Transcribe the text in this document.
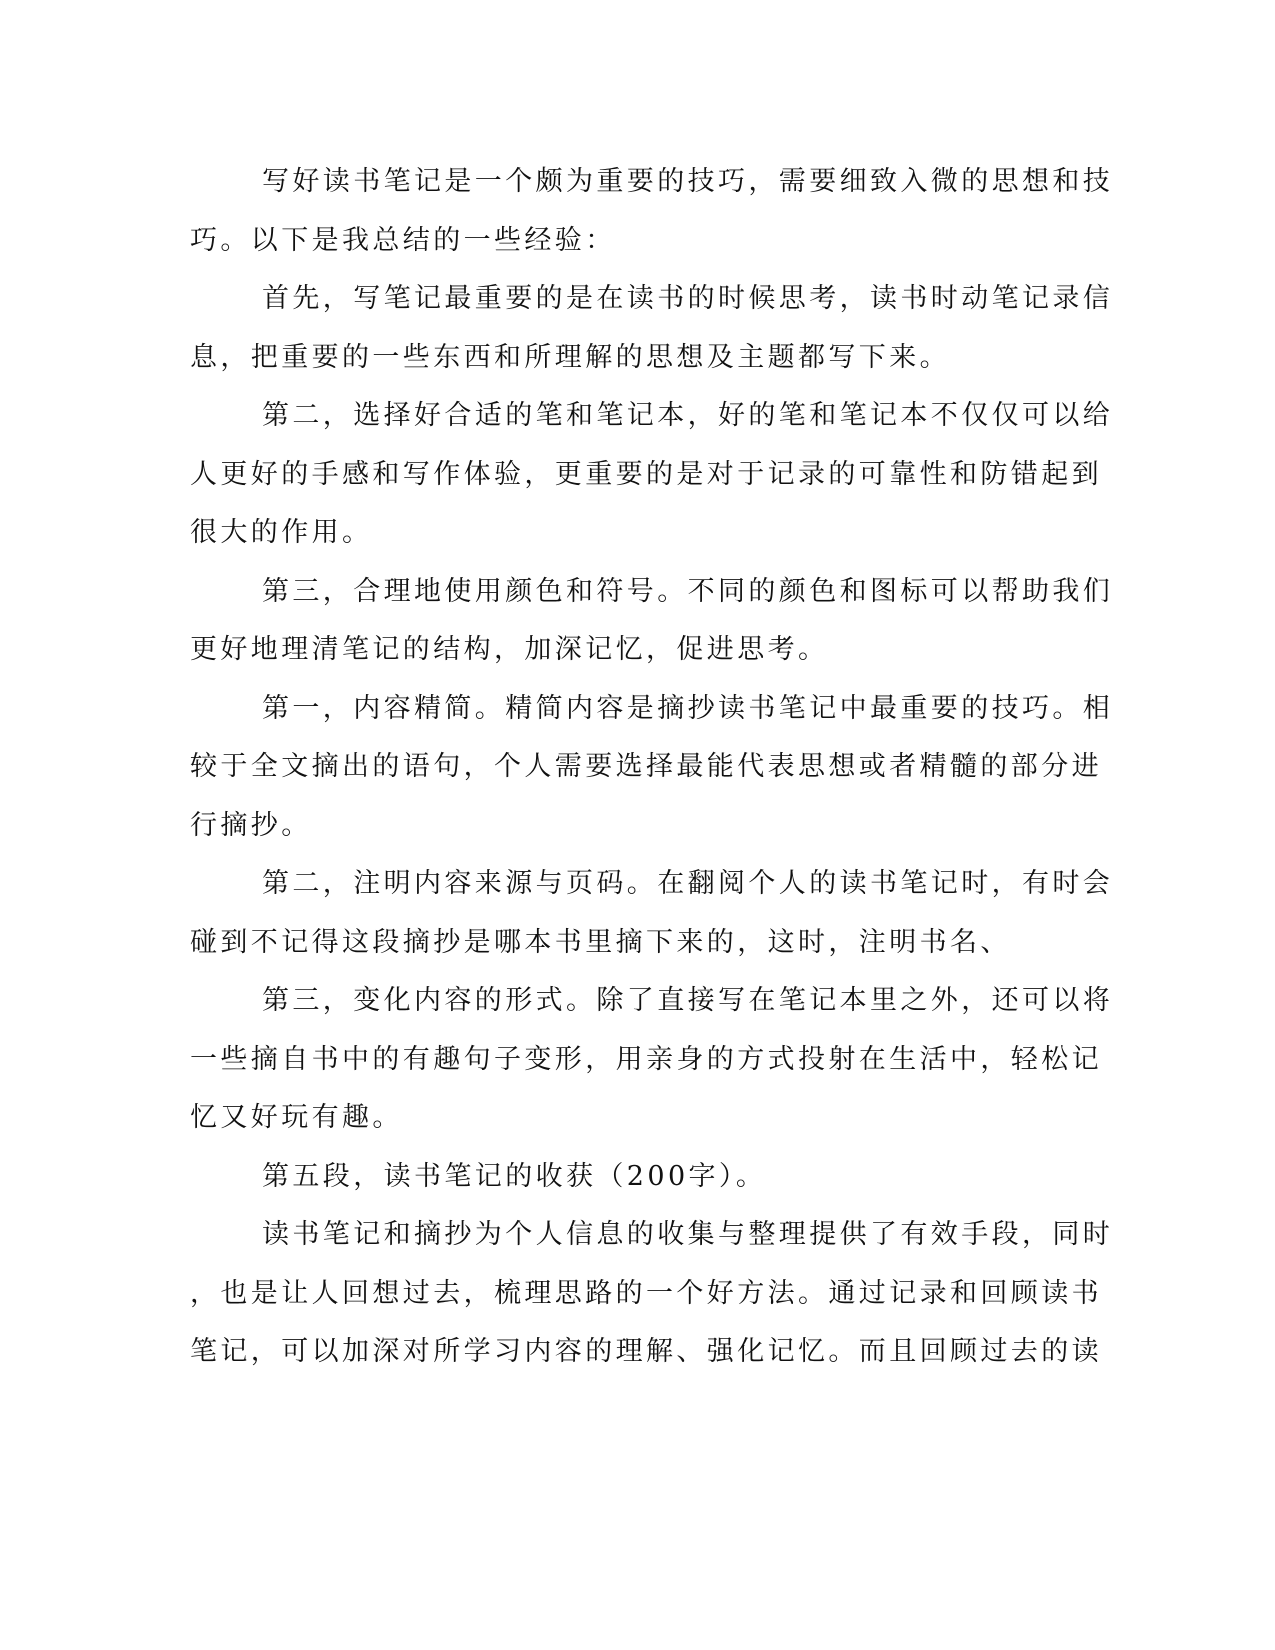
写好读书笔记是一个颇为重要的技巧，需要细致入微的思想和技
巧。以下是我总结的一些经验：
首先，写笔记最重要的是在读书的时候思考，读书时动笔记录信
息，把重要的一些东西和所理解的思想及主题都写下来。
第二，选择好合适的笔和笔记本，好的笔和笔记本不仅仅可以给
人更好的手感和写作体验，更重要的是对于记录的可靠性和防错起到
很大的作用。
第三，合理地使用颜色和符号。不同的颜色和图标可以帮助我们
更好地理清笔记的结构，加深记忆，促进思考。
第一，内容精简。精简内容是摘抄读书笔记中最重要的技巧。相
较于全文摘出的语句，个人需要选择最能代表思想或者精髓的部分进
行摘抄。
第二，注明内容来源与页码。在翻阅个人的读书笔记时，有时会
碰到不记得这段摘抄是哪本书里摘下来的，这时，注明书名、
第三，变化内容的形式。除了直接写在笔记本里之外，还可以将
一些摘自书中的有趣句子变形，用亲身的方式投射在生活中，轻松记
忆又好玩有趣。
第五段，读书笔记的收获（200字）。
读书笔记和摘抄为个人信息的收集与整理提供了有效手段，同时
，也是让人回想过去，梳理思路的一个好方法。通过记录和回顾读书
笔记，可以加深对所学习内容的理解、强化记忆。而且回顾过去的读
